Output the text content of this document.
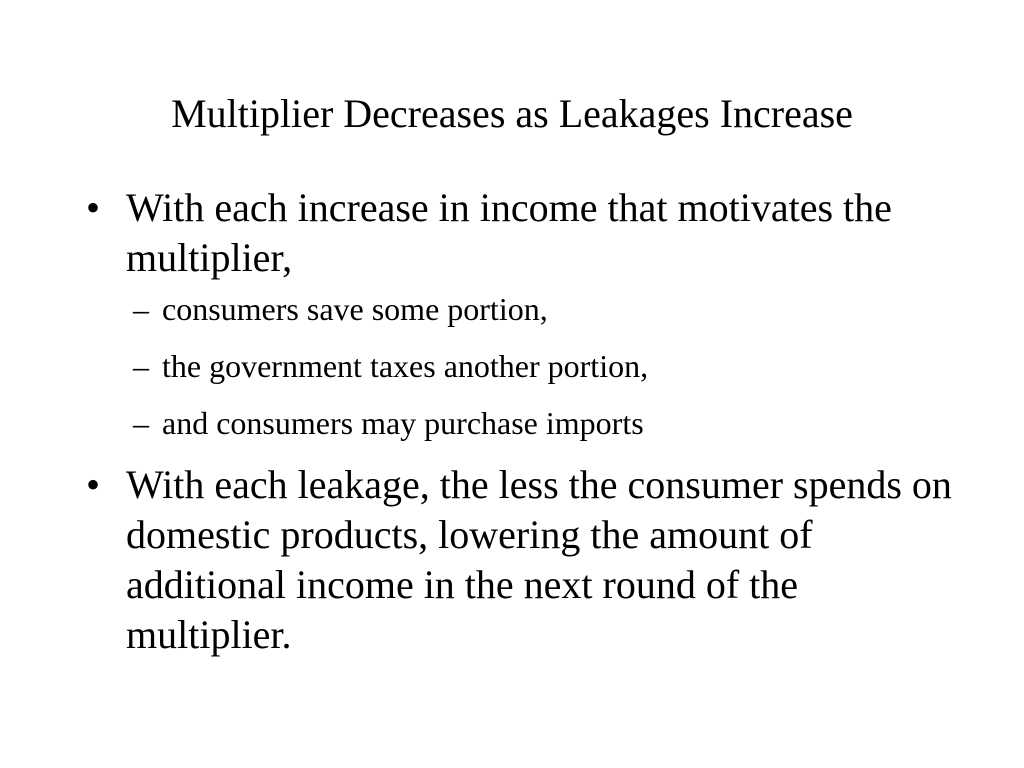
Multiplier Decreases as Leakages Increase
• With each increase in income that motivates the multiplier,
– consumers save some portion,
– the government taxes another portion,
– and consumers may purchase imports
• With each leakage, the less the consumer spends on domestic products, lowering the amount of additional income in the next round of the multiplier.
